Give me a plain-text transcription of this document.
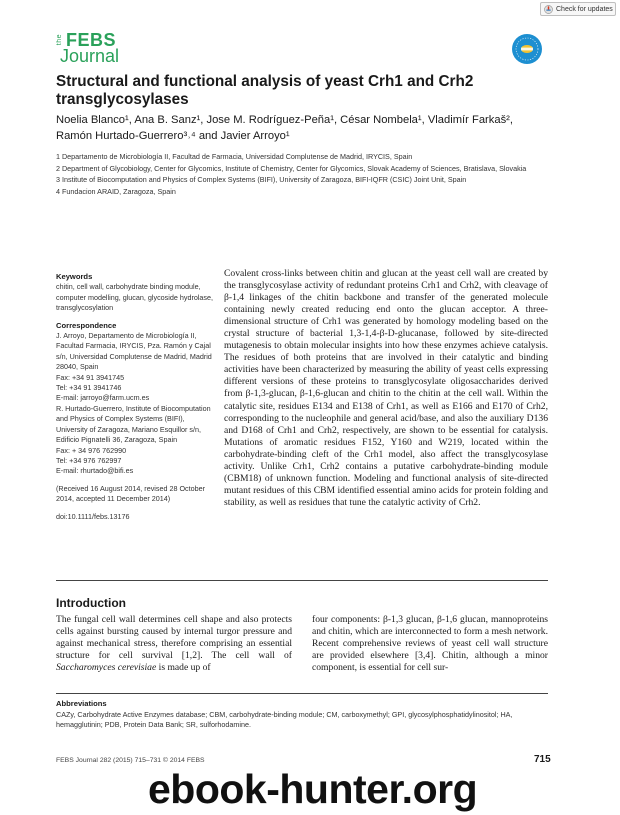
Check for updates
the FEBS
Journal
Structural and functional analysis of yeast Crh1 and Crh2 transglycosylases
Noelia Blanco¹, Ana B. Sanz¹, Jose M. Rodríguez-Peña¹, César Nombela¹, Vladimír Farkaš²,
Ramón Hurtado-Guerrero³˒⁴ and Javier Arroyo¹
1 Departamento de Microbiología II, Facultad de Farmacia, Universidad Complutense de Madrid, IRYCIS, Spain
2 Department of Glycobiology, Center for Glycomics, Institute of Chemistry, Center for Glycomics, Slovak Academy of Sciences, Bratislava, Slovakia
3 Institute of Biocomputation and Physics of Complex Systems (BIFI), University of Zaragoza, BIFI-IQFR (CSIC) Joint Unit, Spain
4 Fundacion ARAID, Zaragoza, Spain

Keywords

chitin, cell wall, carbohydrate binding module, computer modelling, glucan, glycoside hydrolase, transglycosylation

Correspondence

J. Arroyo, Departamento de Microbiología II, Facultad Farmacia, IRYCIS, Pza. Ramón y Cajal s/n, Universidad Complutense de Madrid, Madrid 28040, Spain

Fax: +34 91 3941745

Tel: +34 91 3941746

E-mail: jarroyo@farm.ucm.es

R. Hurtado-Guerrero, Institute of Biocomputation and Physics of Complex Systems (BIFI), University of Zaragoza, Mariano Esquillor s/n, Edificio Pignatelli 36, Zaragoza, Spain

Fax: + 34 976 762990

Tel: +34 976 762997

E-mail: rhurtado@bifi.es

(Received 16 August 2014, revised 28 October 2014, accepted 11 December 2014)

doi:10.1111/febs.13176

Covalent cross-links between chitin and glucan at the yeast cell wall are created by the transglycosylase activity of redundant proteins Crh1 and Crh2, with cleavage of β-1,4 linkages of the chitin backbone and transfer of the generated molecule containing newly created reducing end onto the glucan acceptor. A three-dimensional structure of Crh1 was generated by homology modeling based on the crystal structure of bacterial 1,3-1,4-β-D-glucanase, followed by site-directed mutagenesis to obtain molecular insights into how these enzymes achieve catalysis. The residues of both proteins that are involved in their catalytic and binding activities have been characterized by measuring the ability of yeast cells expressing different versions of these proteins to transglycosylate oligosaccharides derived from β-1,3-glucan, β-1,6-glucan and chitin to the chitin at the cell wall. Within the catalytic site, residues E134 and E138 of Crh1, as well as E166 and E170 of Crh2, corresponding to the nucleophile and general acid/base, and also the auxiliary D136 and D168 of Crh1 and Crh2, respectively, are shown to be essential for catalysis. Mutations of aromatic residues F152, Y160 and W219, located within the carbohydrate-binding cleft of the Crh1 model, also affect the transglycosylase activity. Unlike Crh1, Crh2 contains a putative carbohydrate-binding module (CBM18) of unknown function. Modeling and functional analysis of site-directed mutant residues of this CBM identified essential amino acids for protein folding and stability, as well as residues that tune the catalytic activity of Crh2.

Introduction

The fungal cell wall determines cell shape and also protects cells against bursting caused by internal turgor pressure and against mechanical stress, therefore comprising an essential structure for cell survival [1,2]. The cell wall of Saccharomyces cerevisiae is made up of

four components: β-1,3 glucan, β-1,6 glucan, mannoproteins and chitin, which are interconnected to form a mesh network. Recent comprehensive reviews of yeast cell wall structure are provided elsewhere [3,4]. Chitin, although a minor component, is essential for cell sur-

Abbreviations
CAZy, Carbohydrate Active Enzymes database; CBM, carbohydrate-binding module; CM, carboxymethyl; GPI, glycosylphosphatidylinositol; HA, hemagglutinin; PDB, Protein Data Bank; SR, sulforhodamine.
FEBS Journal 282 (2015) 715–731 © 2014 FEBS	715
ebook-hunter.org
